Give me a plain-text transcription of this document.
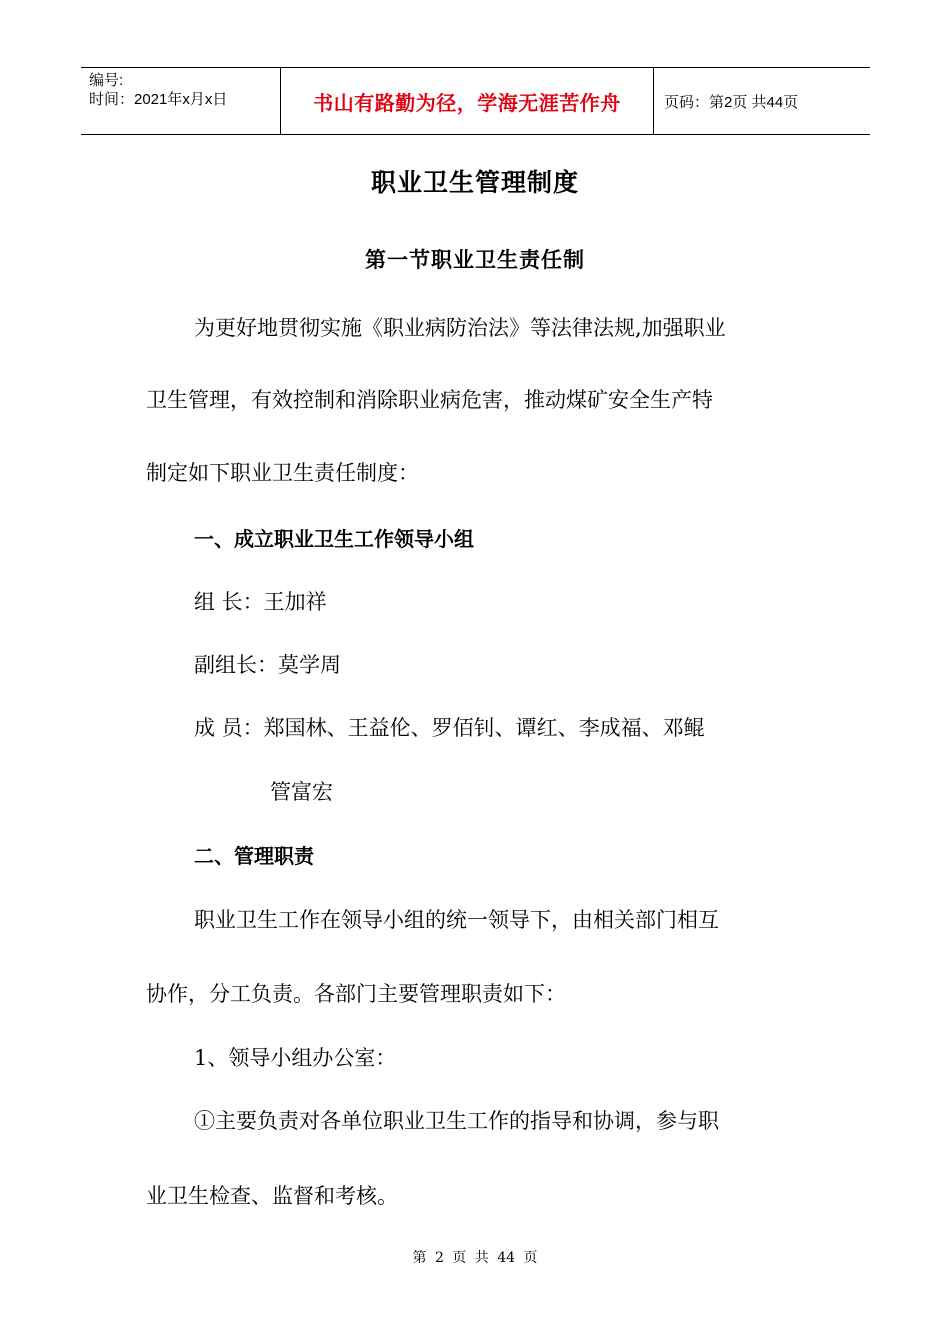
编号:
时间：2021年x月x日	书山有路勤为径，学海无涯苦作舟	页码：第2页 共44页
职业卫生管理制度
第一节职业卫生责任制
为更好地贯彻实施《职业病防治法》等法律法规,加强职业
卫生管理，有效控制和消除职业病危害，推动煤矿安全生产特
制定如下职业卫生责任制度：
一、成立职业卫生工作领导小组
组 长：王加祥
副组长：莫学周
成 员：郑国林、王益伦、罗佰钊、谭红、李成福、邓鲲
管富宏
二、管理职责
职业卫生工作在领导小组的统一领导下，由相关部门相互
协作，分工负责。各部门主要管理职责如下：
1、领导小组办公室：
①主要负责对各单位职业卫生工作的指导和协调，参与职
业卫生检查、监督和考核。
第 2 页 共 44 页
